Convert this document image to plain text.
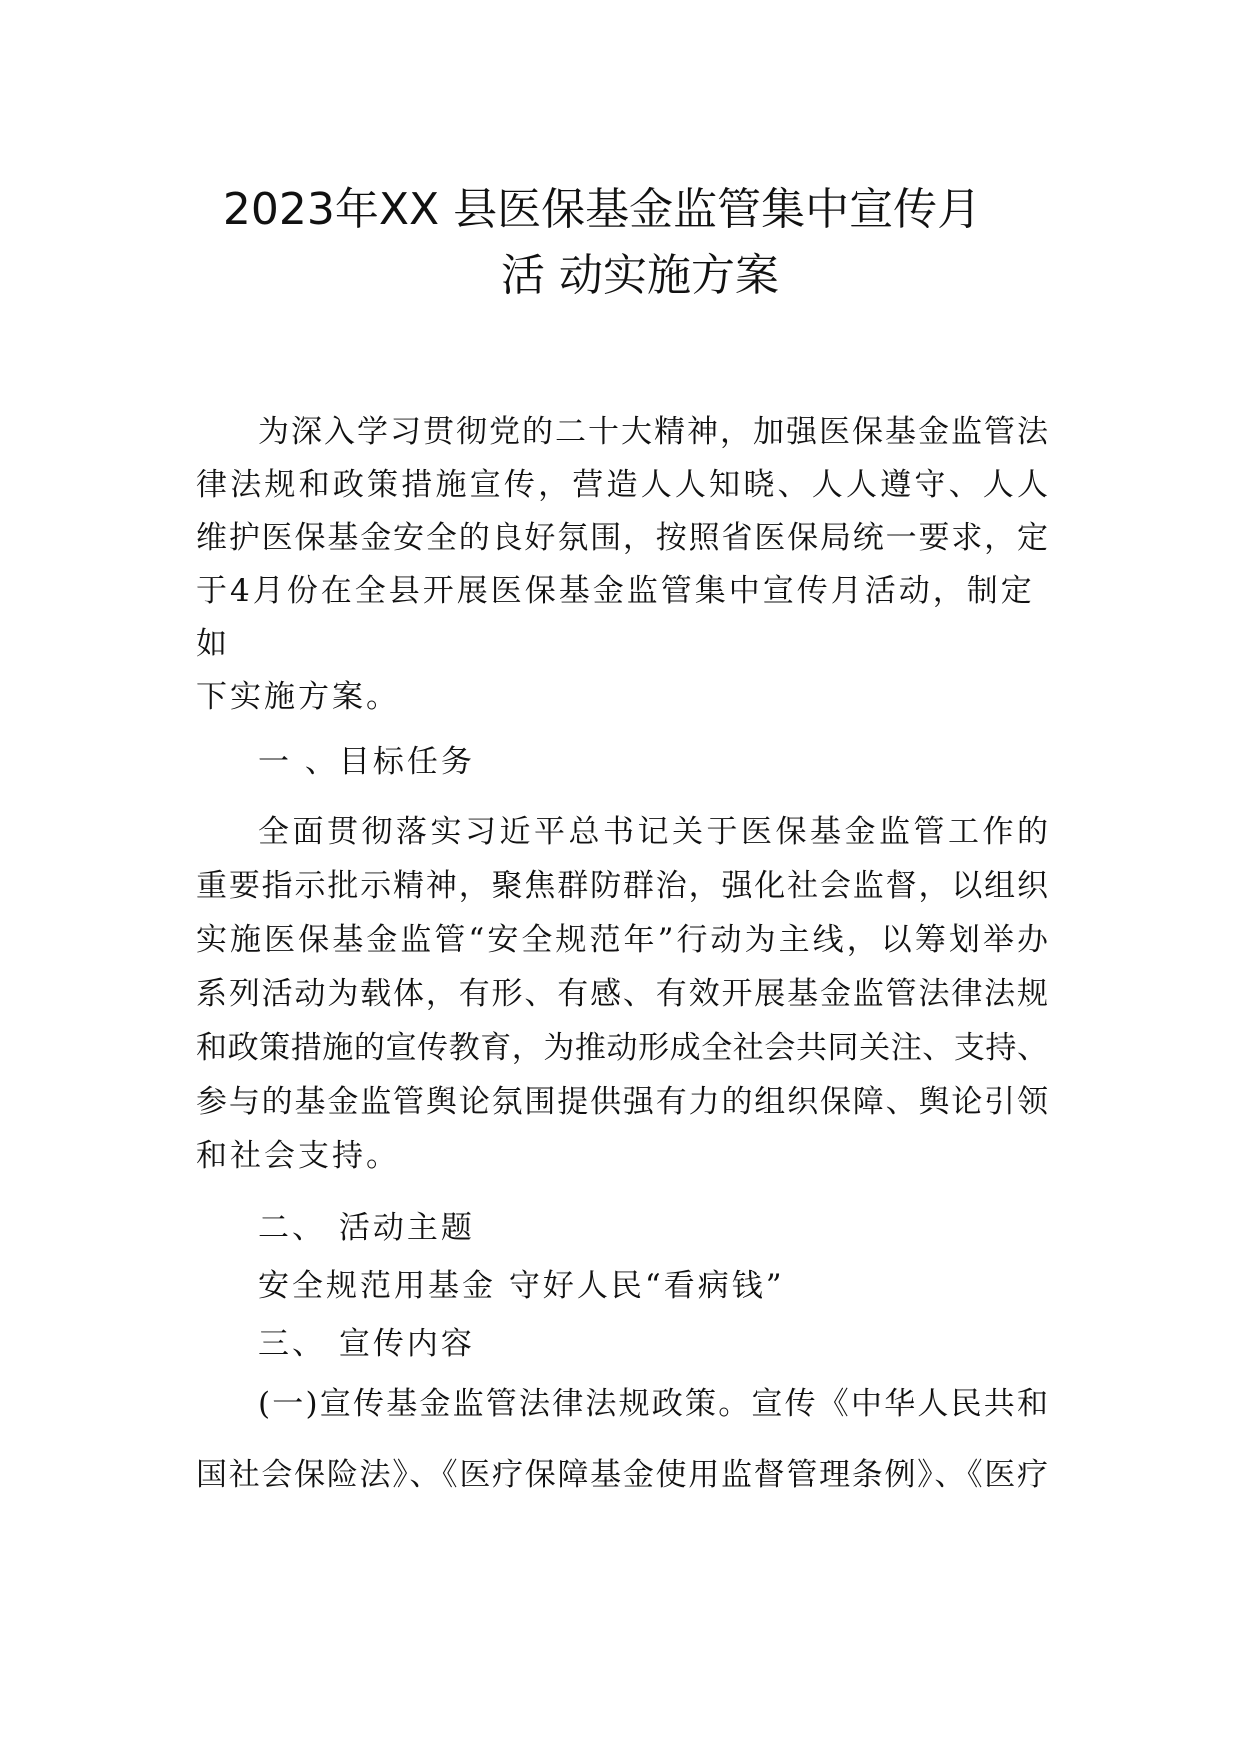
2023年XX 县医保基金监管集中宣传月
活 动实施方案

为深入学习贯彻党的二十大精神，加强医保基金监管法

律法规和政策措施宣传，营造人人知晓、人人遵守、人人

维护医保基金安全的良好氛围，按照省医保局统一要求，定

于4月份在全县开展医保基金监管集中宣传月活动，制定

如

下实施方案。

一 、目标任务

全面贯彻落实习近平总书记关于医保基金监管工作的

重要指示批示精神，聚焦群防群治，强化社会监督，以组织

实施医保基金监管“安全规范年”行动为主线，以筹划举办

系列活动为载体，有形、有感、有效开展基金监管法律法规

和政策措施的宣传教育，为推动形成全社会共同关注、支持、

参与的基金监管舆论氛围提供强有力的组织保障、舆论引领

和社会支持。

二、 活动主题

安全规范用基金 守好人民“看病钱”

三、 宣传内容

(一)宣传基金监管法律法规政策。宣传《中华人民共和

国社会保险法》、《医疗保障基金使用监督管理条例》、《医疗
